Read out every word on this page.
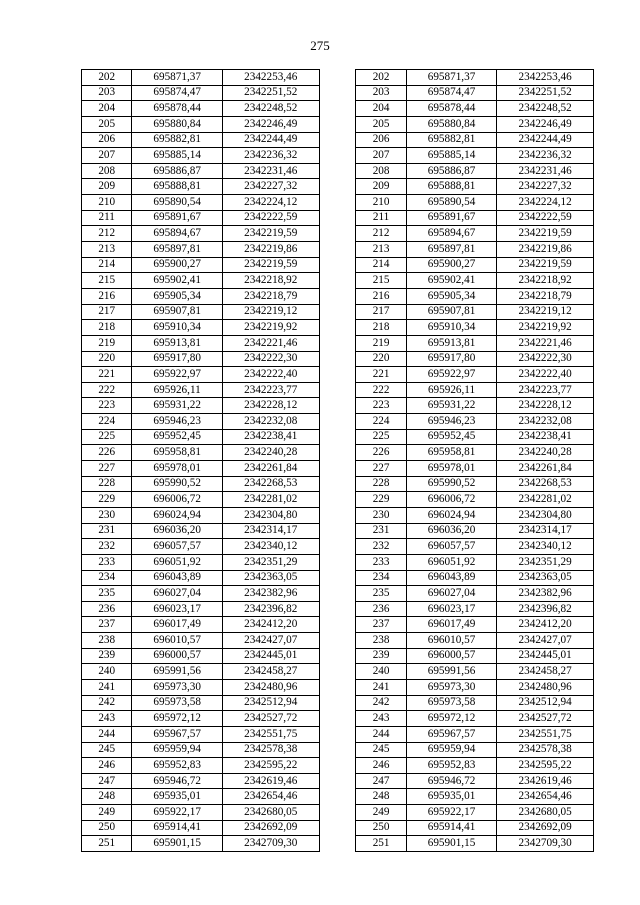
275
202	695871,37	2342253,46		202	695871,37	2342253,46
203	695874,47	2342251,52		203	695874,47	2342251,52
204	695878,44	2342248,52		204	695878,44	2342248,52
205	695880,84	2342246,49		205	695880,84	2342246,49
206	695882,81	2342244,49		206	695882,81	2342244,49
207	695885,14	2342236,32		207	695885,14	2342236,32
208	695886,87	2342231,46		208	695886,87	2342231,46
209	695888,81	2342227,32		209	695888,81	2342227,32
210	695890,54	2342224,12		210	695890,54	2342224,12
211	695891,67	2342222,59		211	695891,67	2342222,59
212	695894,67	2342219,59		212	695894,67	2342219,59
213	695897,81	2342219,86		213	695897,81	2342219,86
214	695900,27	2342219,59		214	695900,27	2342219,59
215	695902,41	2342218,92		215	695902,41	2342218,92
216	695905,34	2342218,79		216	695905,34	2342218,79
217	695907,81	2342219,12		217	695907,81	2342219,12
218	695910,34	2342219,92		218	695910,34	2342219,92
219	695913,81	2342221,46		219	695913,81	2342221,46
220	695917,80	2342222,30		220	695917,80	2342222,30
221	695922,97	2342222,40		221	695922,97	2342222,40
222	695926,11	2342223,77		222	695926,11	2342223,77
223	695931,22	2342228,12		223	695931,22	2342228,12
224	695946,23	2342232,08		224	695946,23	2342232,08
225	695952,45	2342238,41		225	695952,45	2342238,41
226	695958,81	2342240,28		226	695958,81	2342240,28
227	695978,01	2342261,84		227	695978,01	2342261,84
228	695990,52	2342268,53		228	695990,52	2342268,53
229	696006,72	2342281,02		229	696006,72	2342281,02
230	696024,94	2342304,80		230	696024,94	2342304,80
231	696036,20	2342314,17		231	696036,20	2342314,17
232	696057,57	2342340,12		232	696057,57	2342340,12
233	696051,92	2342351,29		233	696051,92	2342351,29
234	696043,89	2342363,05		234	696043,89	2342363,05
235	696027,04	2342382,96		235	696027,04	2342382,96
236	696023,17	2342396,82		236	696023,17	2342396,82
237	696017,49	2342412,20		237	696017,49	2342412,20
238	696010,57	2342427,07		238	696010,57	2342427,07
239	696000,57	2342445,01		239	696000,57	2342445,01
240	695991,56	2342458,27		240	695991,56	2342458,27
241	695973,30	2342480,96		241	695973,30	2342480,96
242	695973,58	2342512,94		242	695973,58	2342512,94
243	695972,12	2342527,72		243	695972,12	2342527,72
244	695967,57	2342551,75		244	695967,57	2342551,75
245	695959,94	2342578,38		245	695959,94	2342578,38
246	695952,83	2342595,22		246	695952,83	2342595,22
247	695946,72	2342619,46		247	695946,72	2342619,46
248	695935,01	2342654,46		248	695935,01	2342654,46
249	695922,17	2342680,05		249	695922,17	2342680,05
250	695914,41	2342692,09		250	695914,41	2342692,09
251	695901,15	2342709,30		251	695901,15	2342709,30
